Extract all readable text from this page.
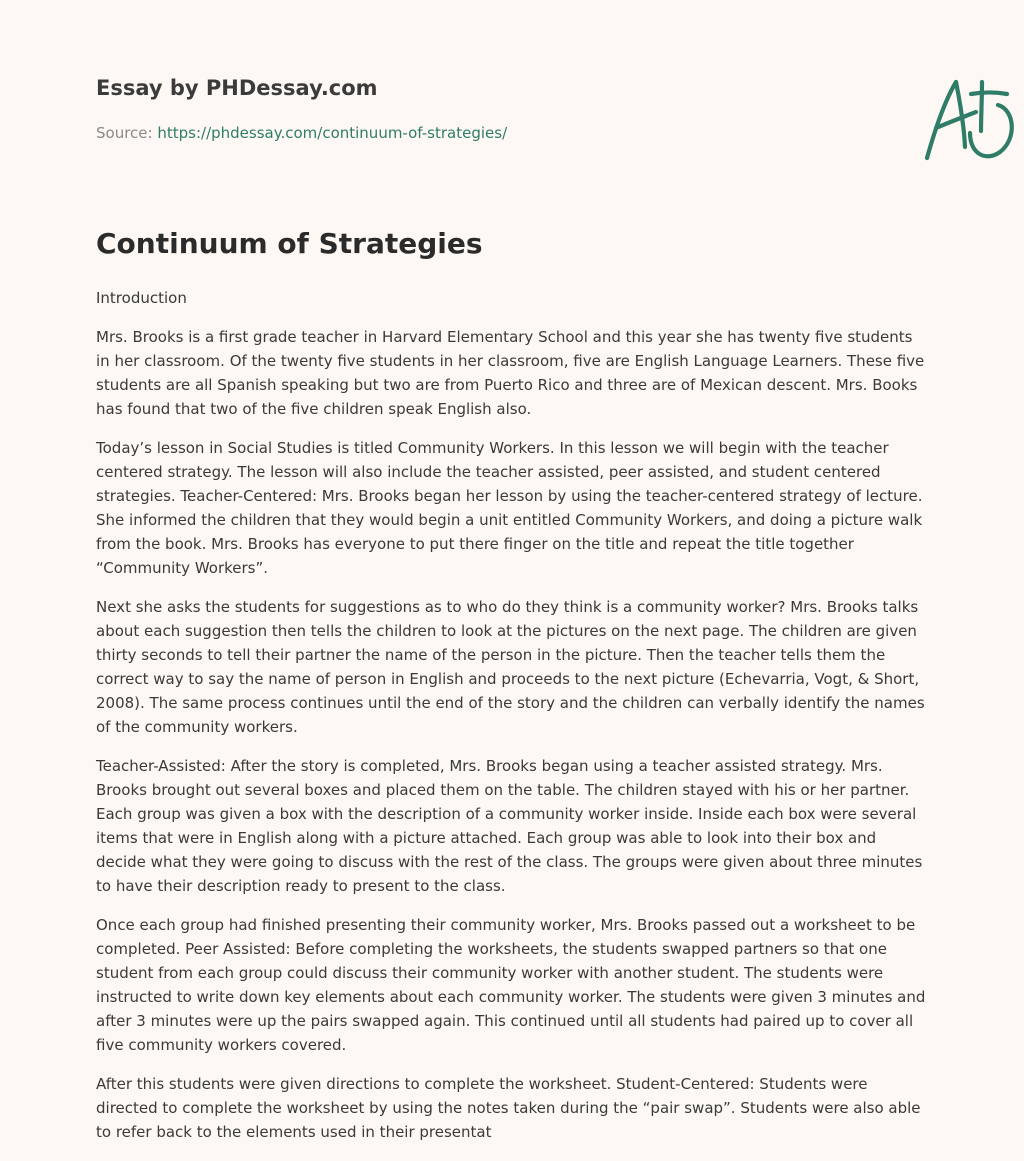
Essay by PHDessay.com
Source: https://phdessay.com/continuum-of-strategies/
Continuum of Strategies

Introduction

Mrs. Brooks is a first grade teacher in Harvard Elementary School and this year she has twenty five students in her classroom. Of the twenty five students in her classroom, five are English Language Learners. These five students are all Spanish speaking but two are from Puerto Rico and three are of Mexican descent. Mrs. Books has found that two of the five children speak English also.

Today’s lesson in Social Studies is titled Community Workers. In this lesson we will begin with the teacher centered strategy. The lesson will also include the teacher assisted, peer assisted, and student centered strategies. Teacher-Centered: Mrs. Brooks began her lesson by using the teacher-centered strategy of lecture. She informed the children that they would begin a unit entitled Community Workers, and doing a picture walk from the book. Mrs. Brooks has everyone to put there finger on the title and repeat the title together “Community Workers”.

Next she asks the students for suggestions as to who do they think is a community worker? Mrs. Brooks talks about each suggestion then tells the children to look at the pictures on the next page. The children are given thirty seconds to tell their partner the name of the person in the picture. Then the teacher tells them the correct way to say the name of person in English and proceeds to the next picture (Echevarria, Vogt, & Short, 2008). The same process continues until the end of the story and the children can verbally identify the names of the community workers.

Teacher-Assisted: After the story is completed, Mrs. Brooks began using a teacher assisted strategy. Mrs. Brooks brought out several boxes and placed them on the table. The children stayed with his or her partner. Each group was given a box with the description of a community worker inside. Inside each box were several items that were in English along with a picture attached. Each group was able to look into their box and decide what they were going to discuss with the rest of the class. The groups were given about three minutes to have their description ready to present to the class.

Once each group had finished presenting their community worker, Mrs. Brooks passed out a worksheet to be completed. Peer Assisted: Before completing the worksheets, the students swapped partners so that one student from each group could discuss their community worker with another student. The students were instructed to write down key elements about each community worker. The students were given 3 minutes and after 3 minutes were up the pairs swapped again. This continued until all students had paired up to cover all five community workers covered.

After this students were given directions to complete the worksheet. Student-Centered: Students were directed to complete the worksheet by using the notes taken during the “pair swap”. Students were also able to refer back to the elements used in their presentat
